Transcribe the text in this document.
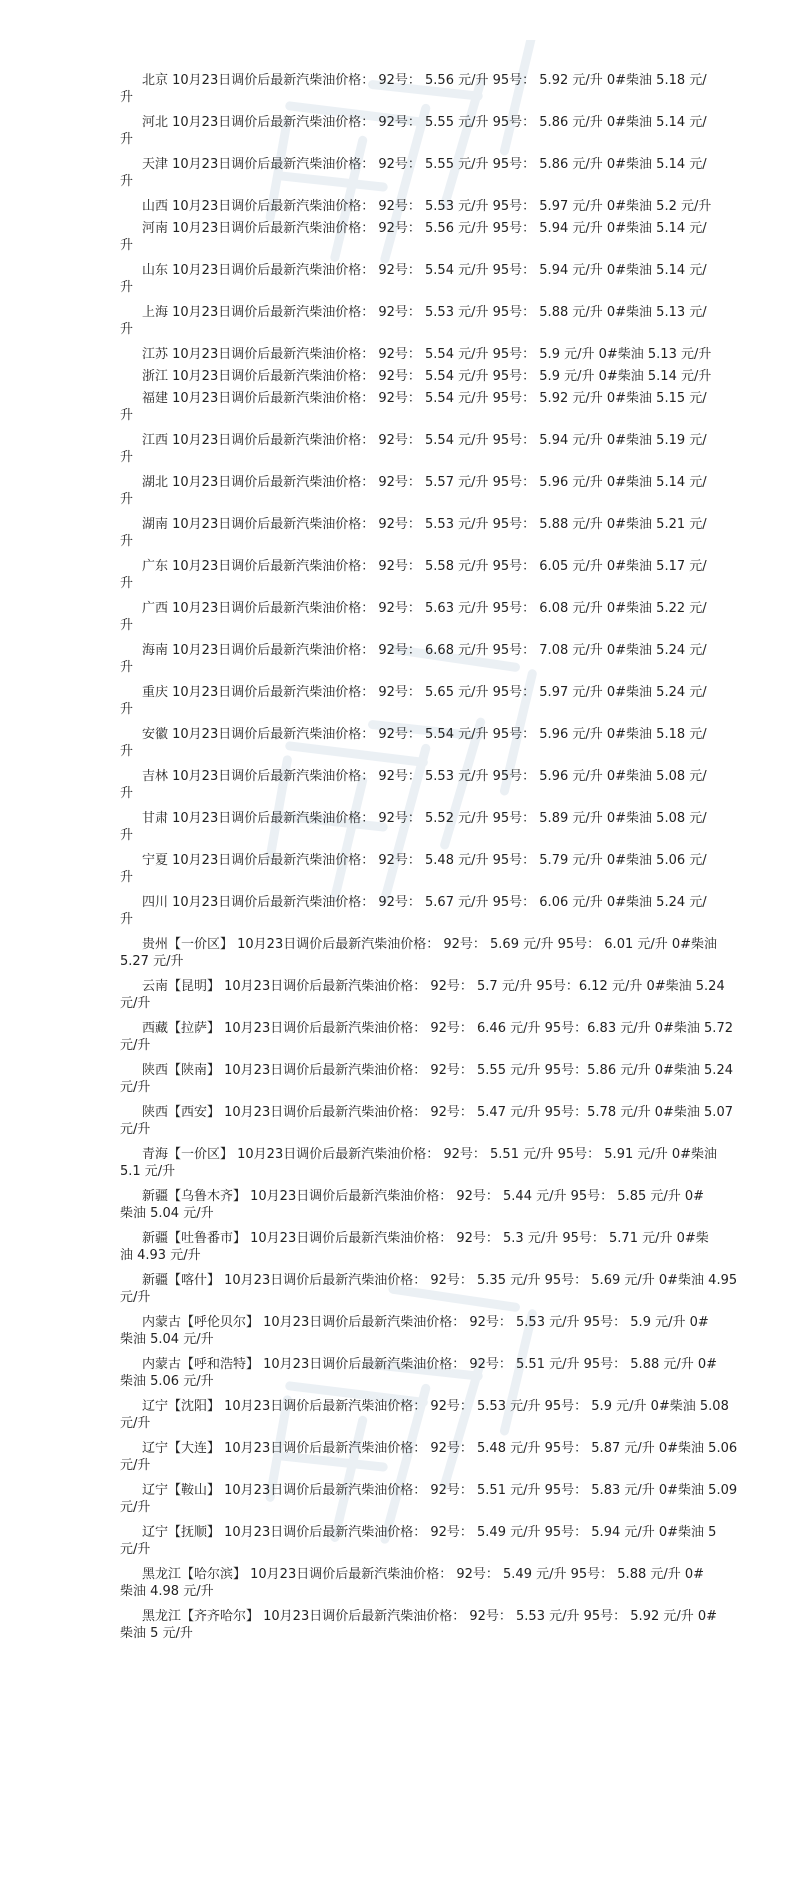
北京 10月23日调价后最新汽柴油价格： 92号： 5.56 元/升 95号： 5.92 元/升 0#柴油 5.18 元/
升
河北 10月23日调价后最新汽柴油价格： 92号： 5.55 元/升 95号： 5.86 元/升 0#柴油 5.14 元/
升
天津 10月23日调价后最新汽柴油价格： 92号： 5.55 元/升 95号： 5.86 元/升 0#柴油 5.14 元/
升
山西 10月23日调价后最新汽柴油价格： 92号： 5.53 元/升 95号： 5.97 元/升 0#柴油 5.2 元/升
河南 10月23日调价后最新汽柴油价格： 92号： 5.56 元/升 95号： 5.94 元/升 0#柴油 5.14 元/
升
山东 10月23日调价后最新汽柴油价格： 92号： 5.54 元/升 95号： 5.94 元/升 0#柴油 5.14 元/
升
上海 10月23日调价后最新汽柴油价格： 92号： 5.53 元/升 95号： 5.88 元/升 0#柴油 5.13 元/
升
江苏 10月23日调价后最新汽柴油价格： 92号： 5.54 元/升 95号： 5.9 元/升 0#柴油 5.13 元/升
浙江 10月23日调价后最新汽柴油价格： 92号： 5.54 元/升 95号： 5.9 元/升 0#柴油 5.14 元/升
福建 10月23日调价后最新汽柴油价格： 92号： 5.54 元/升 95号： 5.92 元/升 0#柴油 5.15 元/
升
江西 10月23日调价后最新汽柴油价格： 92号： 5.54 元/升 95号： 5.94 元/升 0#柴油 5.19 元/
升
湖北 10月23日调价后最新汽柴油价格： 92号： 5.57 元/升 95号： 5.96 元/升 0#柴油 5.14 元/
升
湖南 10月23日调价后最新汽柴油价格： 92号： 5.53 元/升 95号： 5.88 元/升 0#柴油 5.21 元/
升
广东 10月23日调价后最新汽柴油价格： 92号： 5.58 元/升 95号： 6.05 元/升 0#柴油 5.17 元/
升
广西 10月23日调价后最新汽柴油价格： 92号： 5.63 元/升 95号： 6.08 元/升 0#柴油 5.22 元/
升
海南 10月23日调价后最新汽柴油价格： 92号： 6.68 元/升 95号： 7.08 元/升 0#柴油 5.24 元/
升
重庆 10月23日调价后最新汽柴油价格： 92号： 5.65 元/升 95号： 5.97 元/升 0#柴油 5.24 元/
升
安徽 10月23日调价后最新汽柴油价格： 92号： 5.54 元/升 95号： 5.96 元/升 0#柴油 5.18 元/
升
吉林 10月23日调价后最新汽柴油价格： 92号： 5.53 元/升 95号： 5.96 元/升 0#柴油 5.08 元/
升
甘肃 10月23日调价后最新汽柴油价格： 92号： 5.52 元/升 95号： 5.89 元/升 0#柴油 5.08 元/
升
宁夏 10月23日调价后最新汽柴油价格： 92号： 5.48 元/升 95号： 5.79 元/升 0#柴油 5.06 元/
升
四川 10月23日调价后最新汽柴油价格： 92号： 5.67 元/升 95号： 6.06 元/升 0#柴油 5.24 元/
升
贵州【一价区】 10月23日调价后最新汽柴油价格： 92号： 5.69 元/升 95号： 6.01 元/升 0#柴油
5.27 元/升
云南【昆明】 10月23日调价后最新汽柴油价格： 92号： 5.7 元/升 95号：6.12 元/升 0#柴油 5.24
元/升
西藏【拉萨】 10月23日调价后最新汽柴油价格： 92号： 6.46 元/升 95号：6.83 元/升 0#柴油 5.72
元/升
陕西【陕南】 10月23日调价后最新汽柴油价格： 92号： 5.55 元/升 95号：5.86 元/升 0#柴油 5.24
元/升
陕西【西安】 10月23日调价后最新汽柴油价格： 92号： 5.47 元/升 95号：5.78 元/升 0#柴油 5.07
元/升
青海【一价区】 10月23日调价后最新汽柴油价格： 92号： 5.51 元/升 95号： 5.91 元/升 0#柴油
5.1 元/升
新疆【乌鲁木齐】 10月23日调价后最新汽柴油价格： 92号： 5.44 元/升 95号： 5.85 元/升 0#
柴油 5.04 元/升
新疆【吐鲁番市】 10月23日调价后最新汽柴油价格： 92号： 5.3 元/升 95号： 5.71 元/升 0#柴
油 4.93 元/升
新疆【喀什】 10月23日调价后最新汽柴油价格： 92号： 5.35 元/升 95号： 5.69 元/升 0#柴油 4.95
元/升
内蒙古【呼伦贝尔】 10月23日调价后最新汽柴油价格： 92号： 5.53 元/升 95号： 5.9 元/升 0#
柴油 5.04 元/升
内蒙古【呼和浩特】 10月23日调价后最新汽柴油价格： 92号： 5.51 元/升 95号： 5.88 元/升 0#
柴油 5.06 元/升
辽宁【沈阳】 10月23日调价后最新汽柴油价格： 92号： 5.53 元/升 95号： 5.9 元/升 0#柴油 5.08
元/升
辽宁【大连】 10月23日调价后最新汽柴油价格： 92号： 5.48 元/升 95号： 5.87 元/升 0#柴油 5.06
元/升
辽宁【鞍山】 10月23日调价后最新汽柴油价格： 92号： 5.51 元/升 95号： 5.83 元/升 0#柴油 5.09
元/升
辽宁【抚顺】 10月23日调价后最新汽柴油价格： 92号： 5.49 元/升 95号： 5.94 元/升 0#柴油 5
元/升
黑龙江【哈尔滨】 10月23日调价后最新汽柴油价格： 92号： 5.49 元/升 95号： 5.88 元/升 0#
柴油 4.98 元/升
黑龙江【齐齐哈尔】 10月23日调价后最新汽柴油价格： 92号： 5.53 元/升 95号： 5.92 元/升 0#
柴油 5 元/升
